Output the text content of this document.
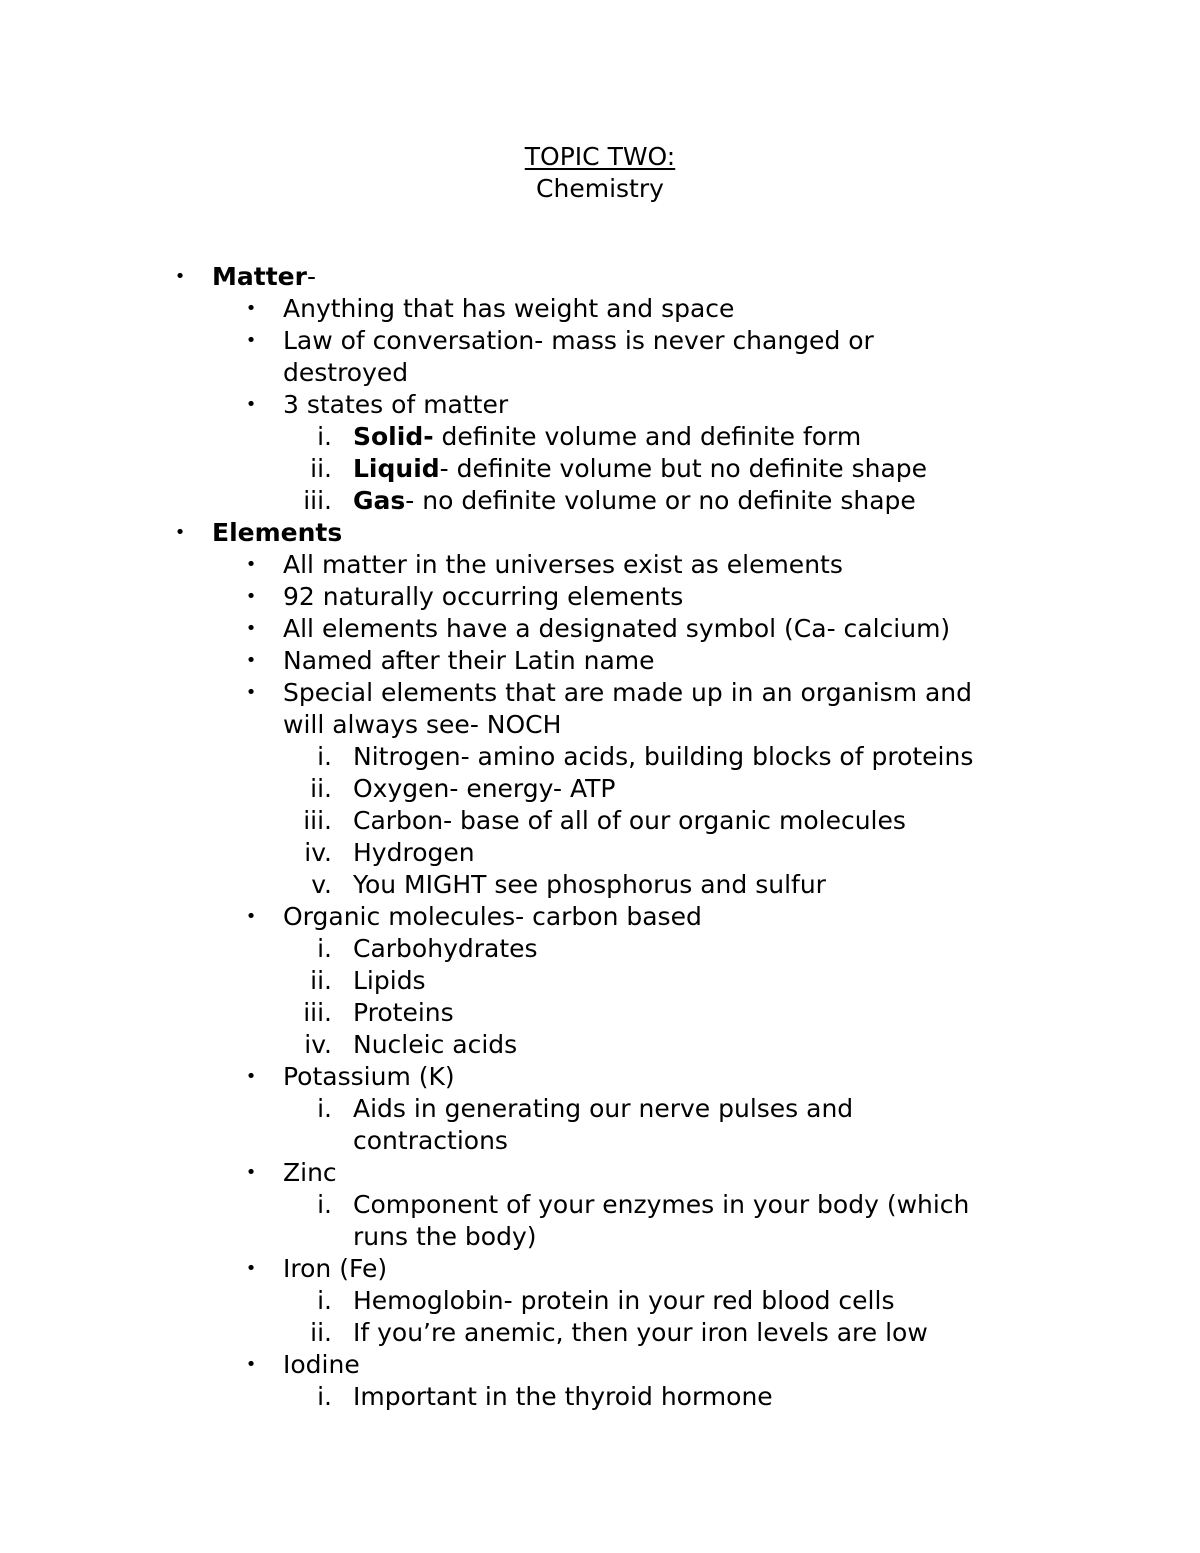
TOPIC TWO:
Chemistry
• Matter-
• Anything that has weight and space
• Law of conversation- mass is never changed or
destroyed
• 3 states of matter
i. Solid- definite volume and definite form
ii. Liquid- definite volume but no definite shape
iii. Gas- no definite volume or no definite shape
• Elements
• All matter in the universes exist as elements
• 92 naturally occurring elements
• All elements have a designated symbol (Ca- calcium)
• Named after their Latin name
• Special elements that are made up in an organism and
will always see- NOCH
i. Nitrogen- amino acids, building blocks of proteins
ii. Oxygen- energy- ATP
iii. Carbon- base of all of our organic molecules
iv. Hydrogen
v. You MIGHT see phosphorus and sulfur
• Organic molecules- carbon based
i. Carbohydrates
ii. Lipids
iii. Proteins
iv. Nucleic acids
• Potassium (K)
i. Aids in generating our nerve pulses and
contractions
• Zinc
i. Component of your enzymes in your body (which
runs the body)
• Iron (Fe)
i. Hemoglobin- protein in your red blood cells
ii. If you’re anemic, then your iron levels are low
• Iodine
i. Important in the thyroid hormone
